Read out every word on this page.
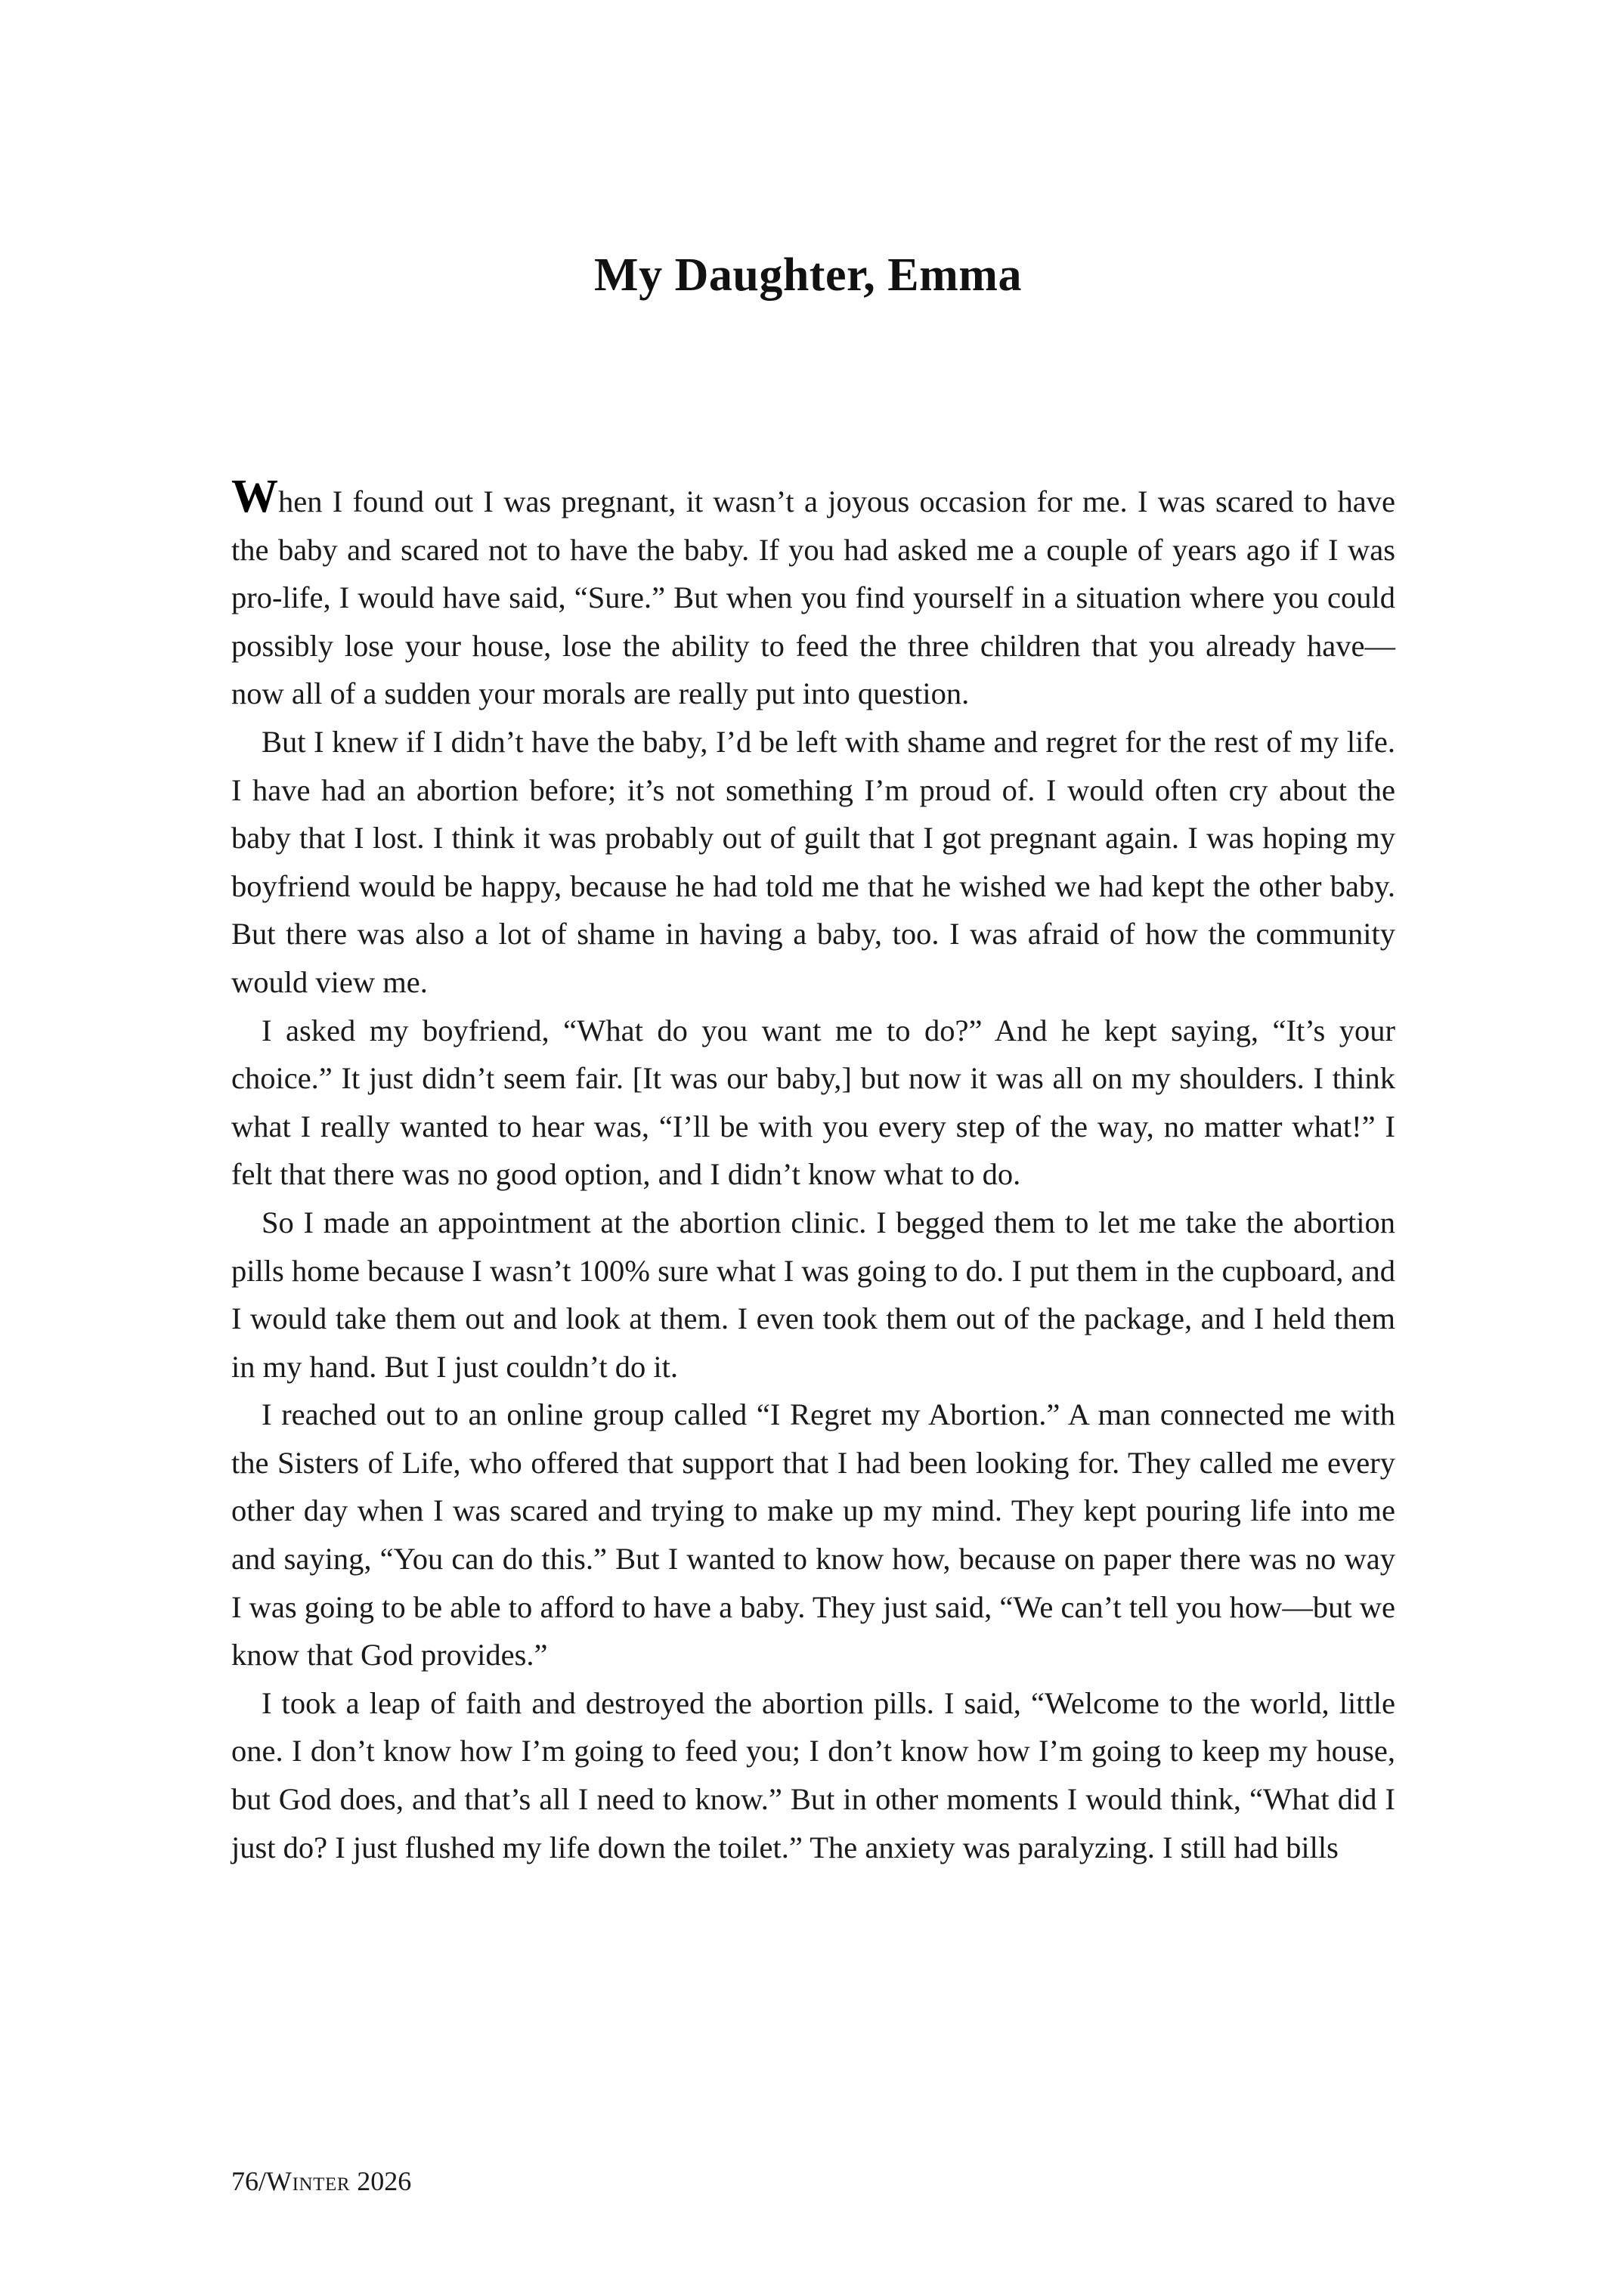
My Daughter, Emma

When I found out I was pregnant, it wasn’t a joyous occasion for me. I was scared to have the baby and scared not to have the baby. If you had asked me a couple of years ago if I was pro-life, I would have said, “Sure.” But when you find yourself in a situation where you could possibly lose your house, lose the ability to feed the three children that you already have—now all of a sudden your morals are really put into question.

But I knew if I didn’t have the baby, I’d be left with shame and regret for the rest of my life. I have had an abortion before; it’s not something I’m proud of. I would often cry about the baby that I lost. I think it was probably out of guilt that I got pregnant again. I was hoping my boyfriend would be happy, because he had told me that he wished we had kept the other baby. But there was also a lot of shame in having a baby, too. I was afraid of how the community would view me.

I asked my boyfriend, “What do you want me to do?” And he kept saying, “It’s your choice.” It just didn’t seem fair. [It was our baby,] but now it was all on my shoulders. I think what I really wanted to hear was, “I’ll be with you every step of the way, no matter what!” I felt that there was no good option, and I didn’t know what to do.

So I made an appointment at the abortion clinic. I begged them to let me take the abortion pills home because I wasn’t 100% sure what I was going to do. I put them in the cupboard, and I would take them out and look at them. I even took them out of the package, and I held them in my hand. But I just couldn’t do it.

I reached out to an online group called “I Regret my Abortion.” A man connected me with the Sisters of Life, who offered that support that I had been looking for. They called me every other day when I was scared and trying to make up my mind. They kept pouring life into me and saying, “You can do this.” But I wanted to know how, because on paper there was no way I was going to be able to afford to have a baby. They just said, “We can’t tell you how—but we know that God provides.”

I took a leap of faith and destroyed the abortion pills. I said, “Welcome to the world, little one. I don’t know how I’m going to feed you; I don’t know how I’m going to keep my house, but God does, and that’s all I need to know.” But in other moments I would think, “What did I just do? I just flushed my life down the toilet.” The anxiety was paralyzing. I still had bills

76/Winter 2026
